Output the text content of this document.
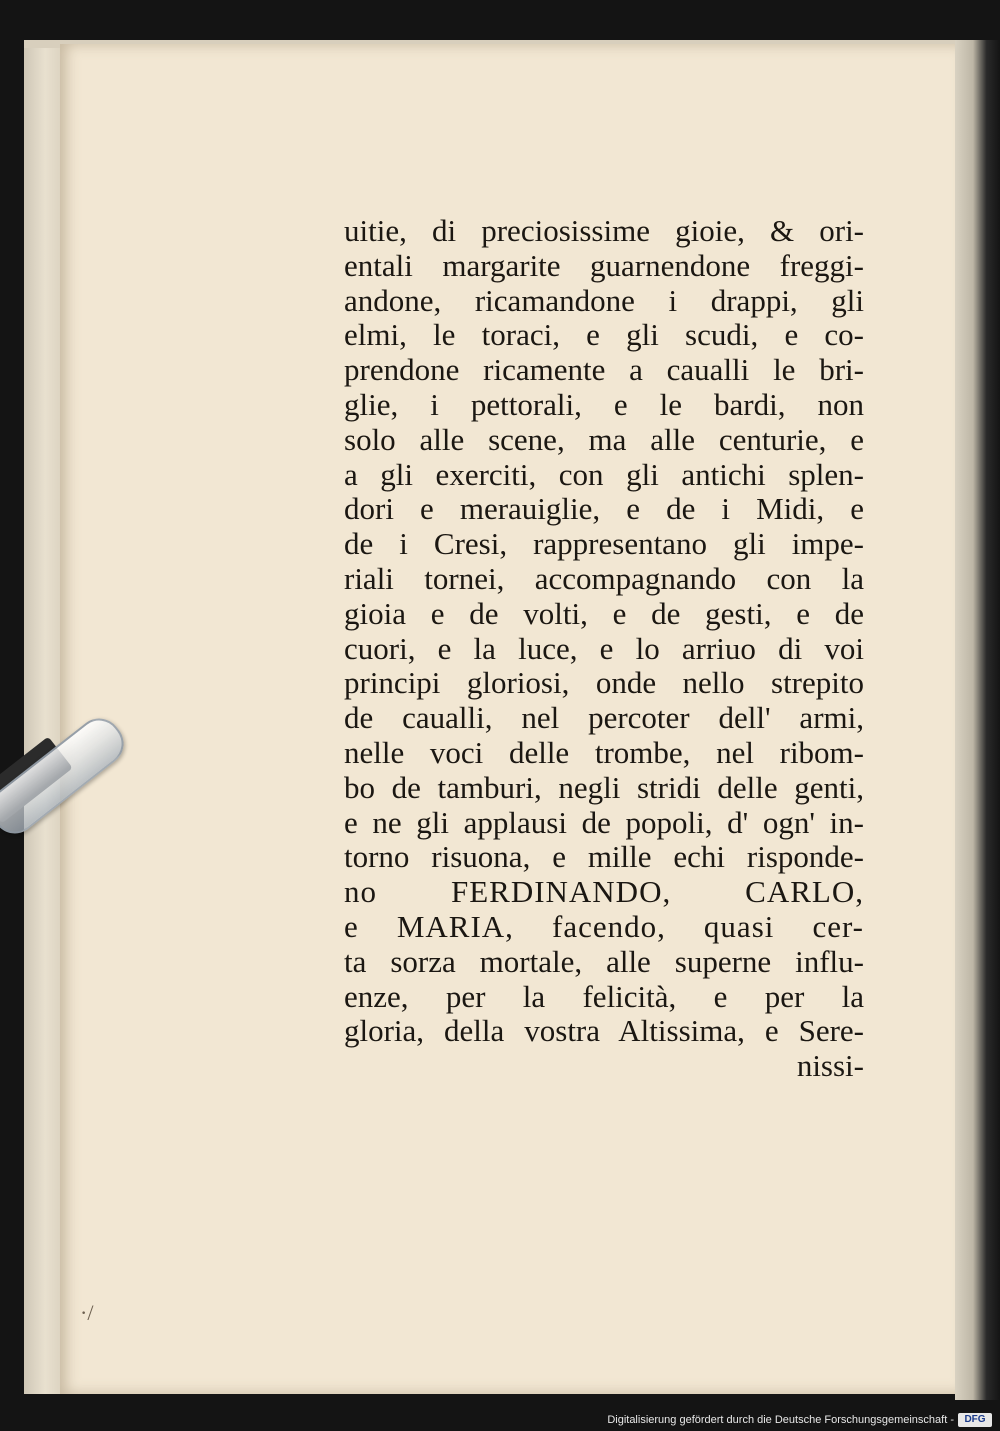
uitie, di preciosissime gioie, & ori-
entali margarite guarnendone freggi-
andone, ricamandone i drappi, gli
elmi, le toraci, e gli scudi, e co-
prendone ricamente a caualli le bri-
glie, i pettorali, e le bardi, non
solo alle scene, ma alle centurie, e
a gli exerciti, con gli antichi splen-
dori e merauiglie, e de i Midi, e
de i Cresi, rappresentano gli impe-
riali tornei, accompagnando con la
gioia e de volti, e de gesti, e de
cuori, e la luce, e lo arriuo di voi
principi gloriosi, onde nello strepito
de caualli, nel percoter dell' armi,
nelle voci delle trombe, nel ribom-
bo de tamburi, negli stridi delle genti,
e ne gli applausi de popoli, d' ogn' in-
torno risuona, e mille echi risponde-
no FERDINANDO, CARLO,
e MARIA, facendo, quasi cer-
ta sorza mortale, alle superne influ-
enze, per la felicità, e per la
gloria, della vostra Altissima, e Sere-
nissi-
·/
Digitalisierung gefördert durch die Deutsche Forschungsgemeinschaft -	DFG
